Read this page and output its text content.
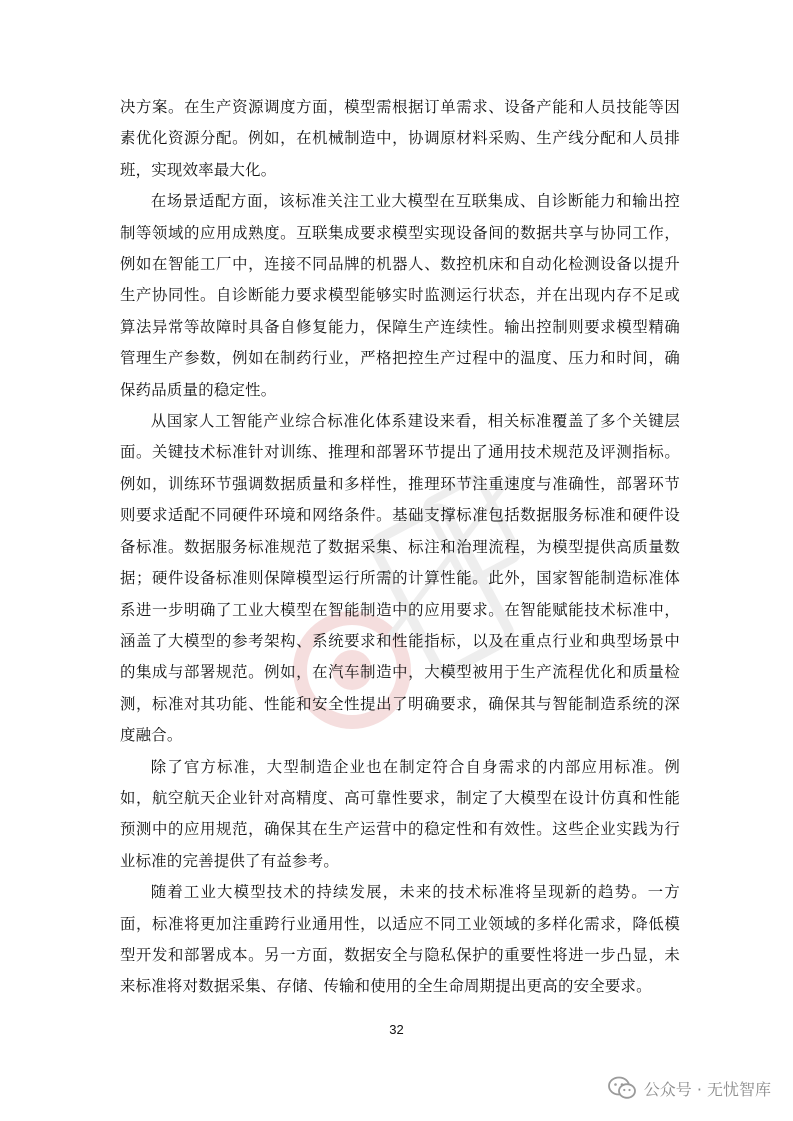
决方案。在生产资源调度方面，模型需根据订单需求、设备产能和人员技能等因素优化资源分配。例如，在机械制造中，协调原材料采购、生产线分配和人员排班，实现效率最大化。

在场景适配方面，该标准关注工业大模型在互联集成、自诊断能力和输出控制等领域的应用成熟度。互联集成要求模型实现设备间的数据共享与协同工作，例如在智能工厂中，连接不同品牌的机器人、数控机床和自动化检测设备以提升生产协同性。自诊断能力要求模型能够实时监测运行状态，并在出现内存不足或算法异常等故障时具备自修复能力，保障生产连续性。输出控制则要求模型精确管理生产参数，例如在制药行业，严格把控生产过程中的温度、压力和时间，确保药品质量的稳定性。

从国家人工智能产业综合标准化体系建设来看，相关标准覆盖了多个关键层面。关键技术标准针对训练、推理和部署环节提出了通用技术规范及评测指标。例如，训练环节强调数据质量和多样性，推理环节注重速度与准确性，部署环节则要求适配不同硬件环境和网络条件。基础支撑标准包括数据服务标准和硬件设备标准。数据服务标准规范了数据采集、标注和治理流程，为模型提供高质量数据；硬件设备标准则保障模型运行所需的计算性能。此外，国家智能制造标准体系进一步明确了工业大模型在智能制造中的应用要求。在智能赋能技术标准中，涵盖了大模型的参考架构、系统要求和性能指标，以及在重点行业和典型场景中的集成与部署规范。例如，在汽车制造中，大模型被用于生产流程优化和质量检测，标准对其功能、性能和安全性提出了明确要求，确保其与智能制造系统的深度融合。

除了官方标准，大型制造企业也在制定符合自身需求的内部应用标准。例如，航空航天企业针对高精度、高可靠性要求，制定了大模型在设计仿真和性能预测中的应用规范，确保其在生产运营中的稳定性和有效性。这些企业实践为行业标准的完善提供了有益参考。

随着工业大模型技术的持续发展，未来的技术标准将呈现新的趋势。一方面，标准将更加注重跨行业通用性，以适应不同工业领域的多样化需求，降低模型开发和部署成本。另一方面，数据安全与隐私保护的重要性将进一步凸显，未来标准将对数据采集、存储、传输和使用的全生命周期提出更高的安全要求。

32
公众号 · 无忧智库
